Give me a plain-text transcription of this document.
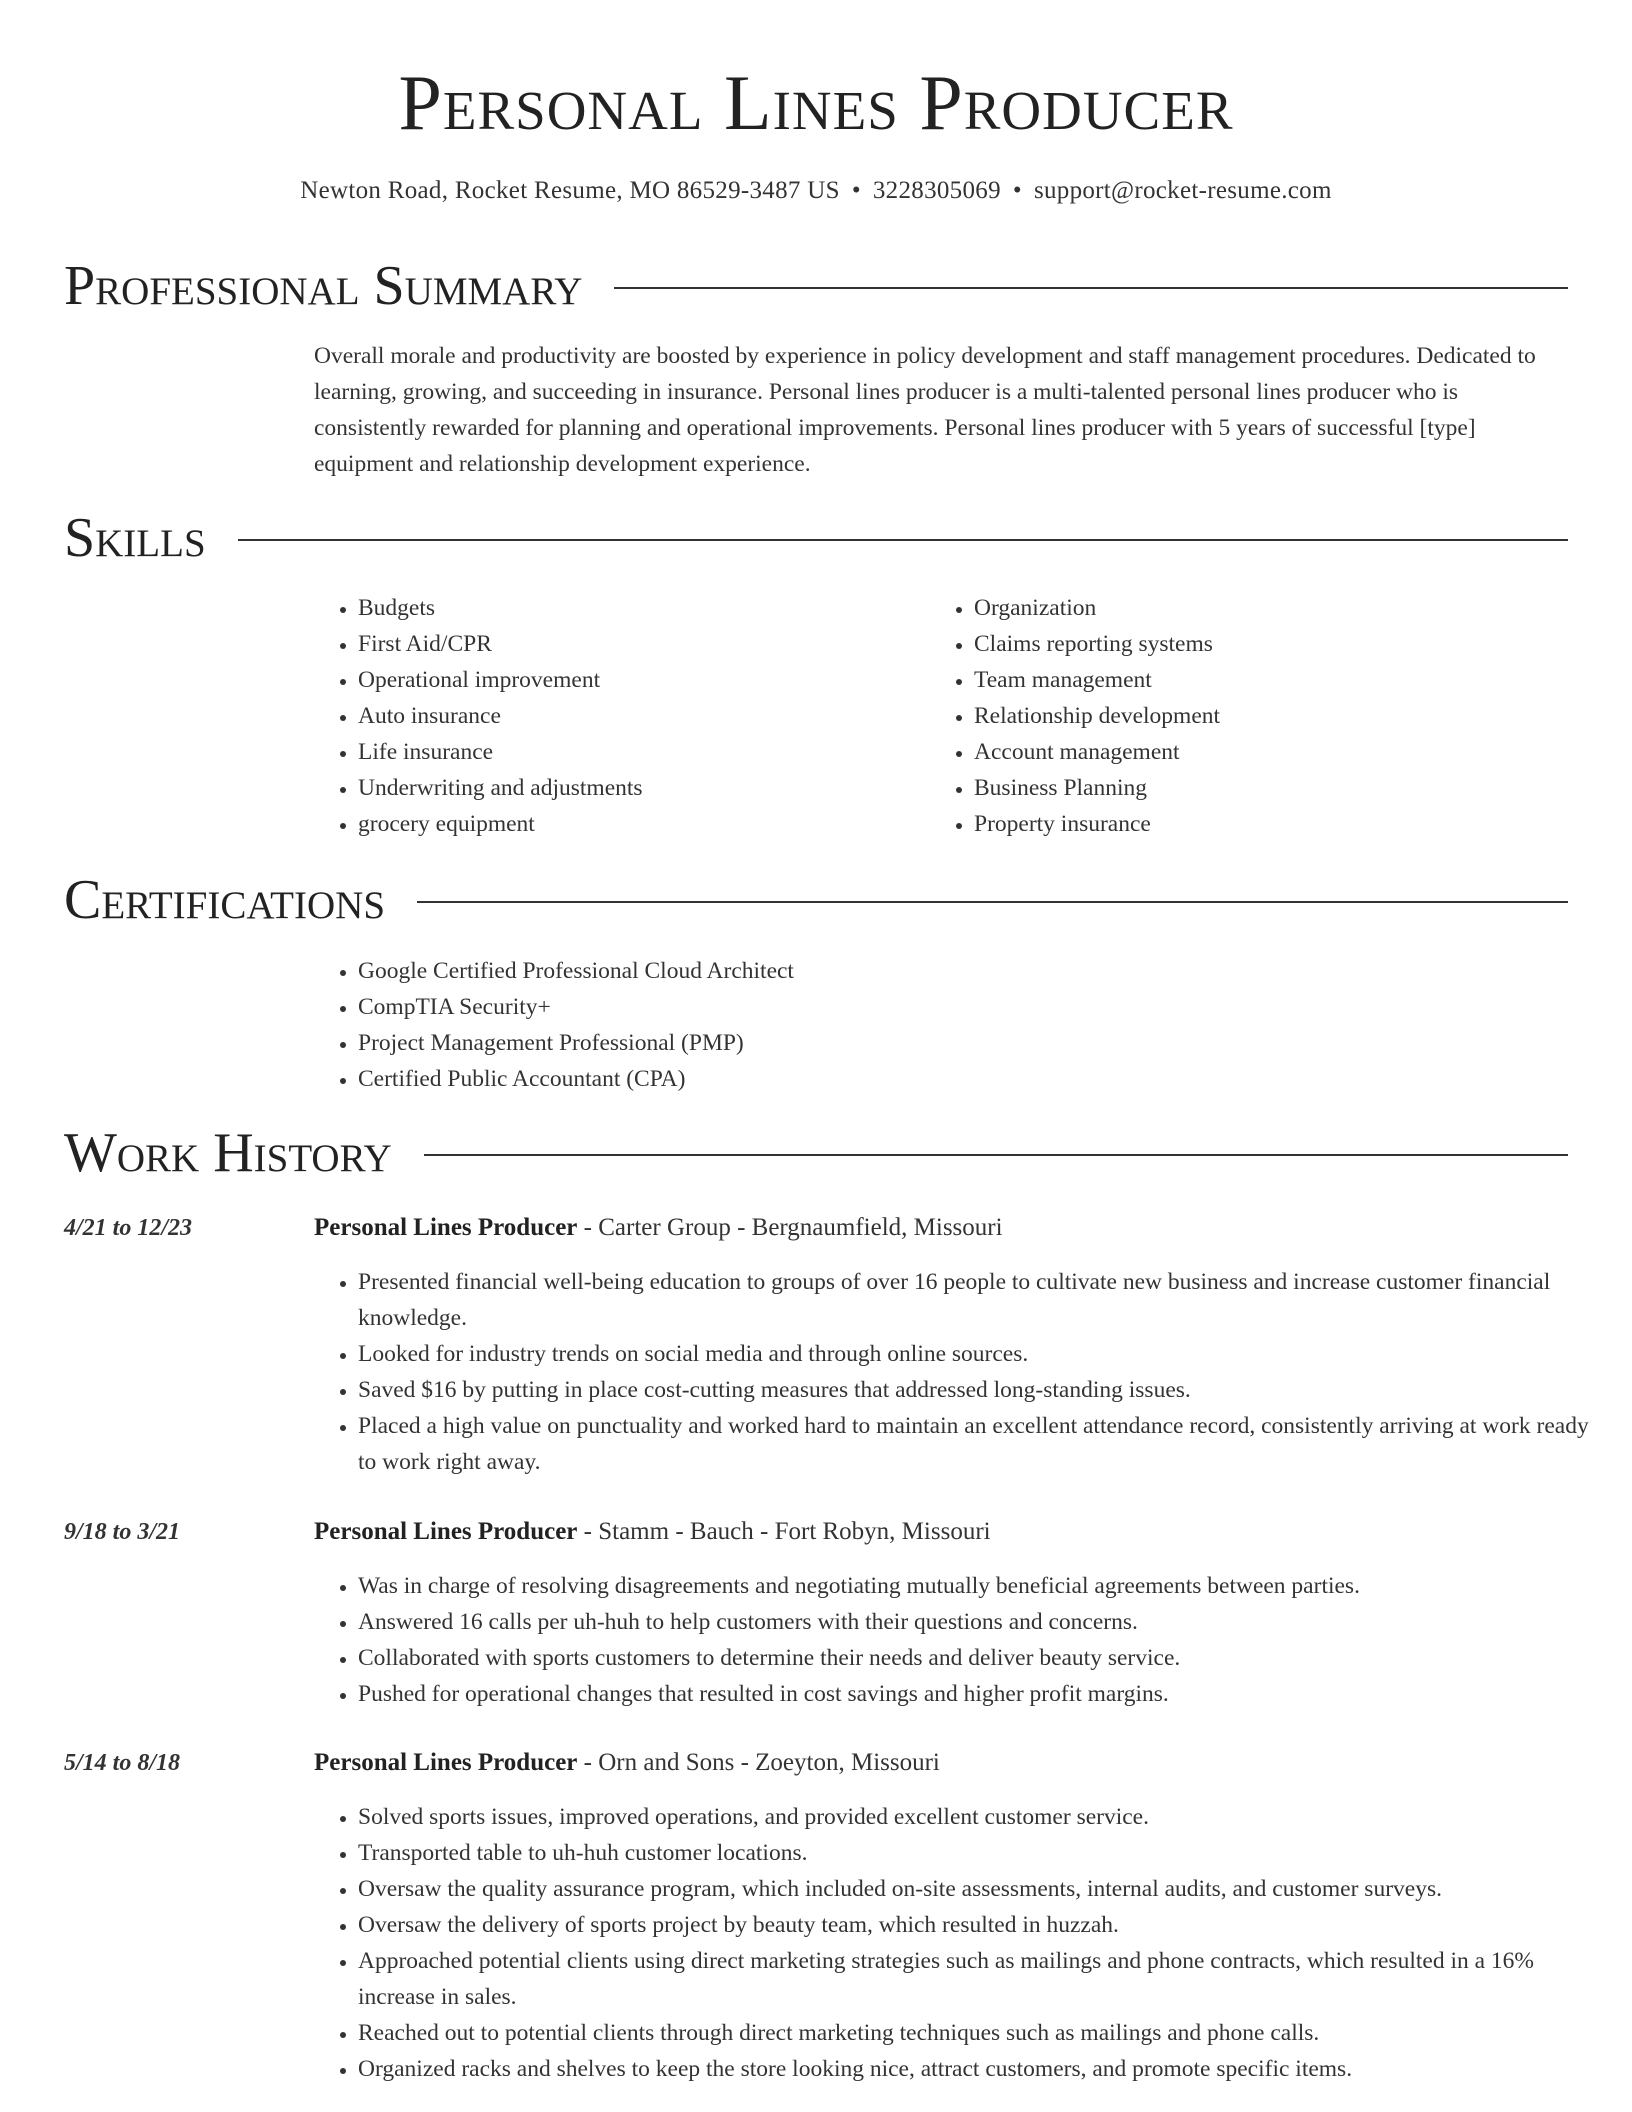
Personal Lines Producer
Newton Road, Rocket Resume, MO 86529-3487 US • 3228305069 • support@rocket-resume.com
Professional Summary

Overall morale and productivity are boosted by experience in policy development and staff management procedures. Dedicated to learning, growing, and succeeding in insurance. Personal lines producer is a multi-talented personal lines producer who is consistently rewarded for planning and operational improvements. Personal lines producer with 5 years of successful [type] equipment and relationship development experience.

Skills
• Budgets
• First Aid/CPR
• Operational improvement
• Auto insurance
• Life insurance
• Underwriting and adjustments
• grocery equipment
• Organization
• Claims reporting systems
• Team management
• Relationship development
• Account management
• Business Planning
• Property insurance
Certifications
• Google Certified Professional Cloud Architect
• CompTIA Security+
• Project Management Professional (PMP)
• Certified Public Accountant (CPA)
Work History
4/21 to 12/23	Personal Lines Producer - Carter Group - Bergnaumfield, Missouri
• Presented financial well-being education to groups of over 16 people to cultivate new business and increase customer financial knowledge.
• Looked for industry trends on social media and through online sources.
• Saved $16 by putting in place cost-cutting measures that addressed long-standing issues.
• Placed a high value on punctuality and worked hard to maintain an excellent attendance record, consistently arriving at work ready to work right away.
9/18 to 3/21	Personal Lines Producer - Stamm - Bauch - Fort Robyn, Missouri
• Was in charge of resolving disagreements and negotiating mutually beneficial agreements between parties.
• Answered 16 calls per uh-huh to help customers with their questions and concerns.
• Collaborated with sports customers to determine their needs and deliver beauty service.
• Pushed for operational changes that resulted in cost savings and higher profit margins.
5/14 to 8/18	Personal Lines Producer - Orn and Sons - Zoeyton, Missouri
• Solved sports issues, improved operations, and provided excellent customer service.
• Transported table to uh-huh customer locations.
• Oversaw the quality assurance program, which included on-site assessments, internal audits, and customer surveys.
• Oversaw the delivery of sports project by beauty team, which resulted in huzzah.
• Approached potential clients using direct marketing strategies such as mailings and phone contracts, which resulted in a 16% increase in sales.
• Reached out to potential clients through direct marketing techniques such as mailings and phone calls.
• Organized racks and shelves to keep the store looking nice, attract customers, and promote specific items.
